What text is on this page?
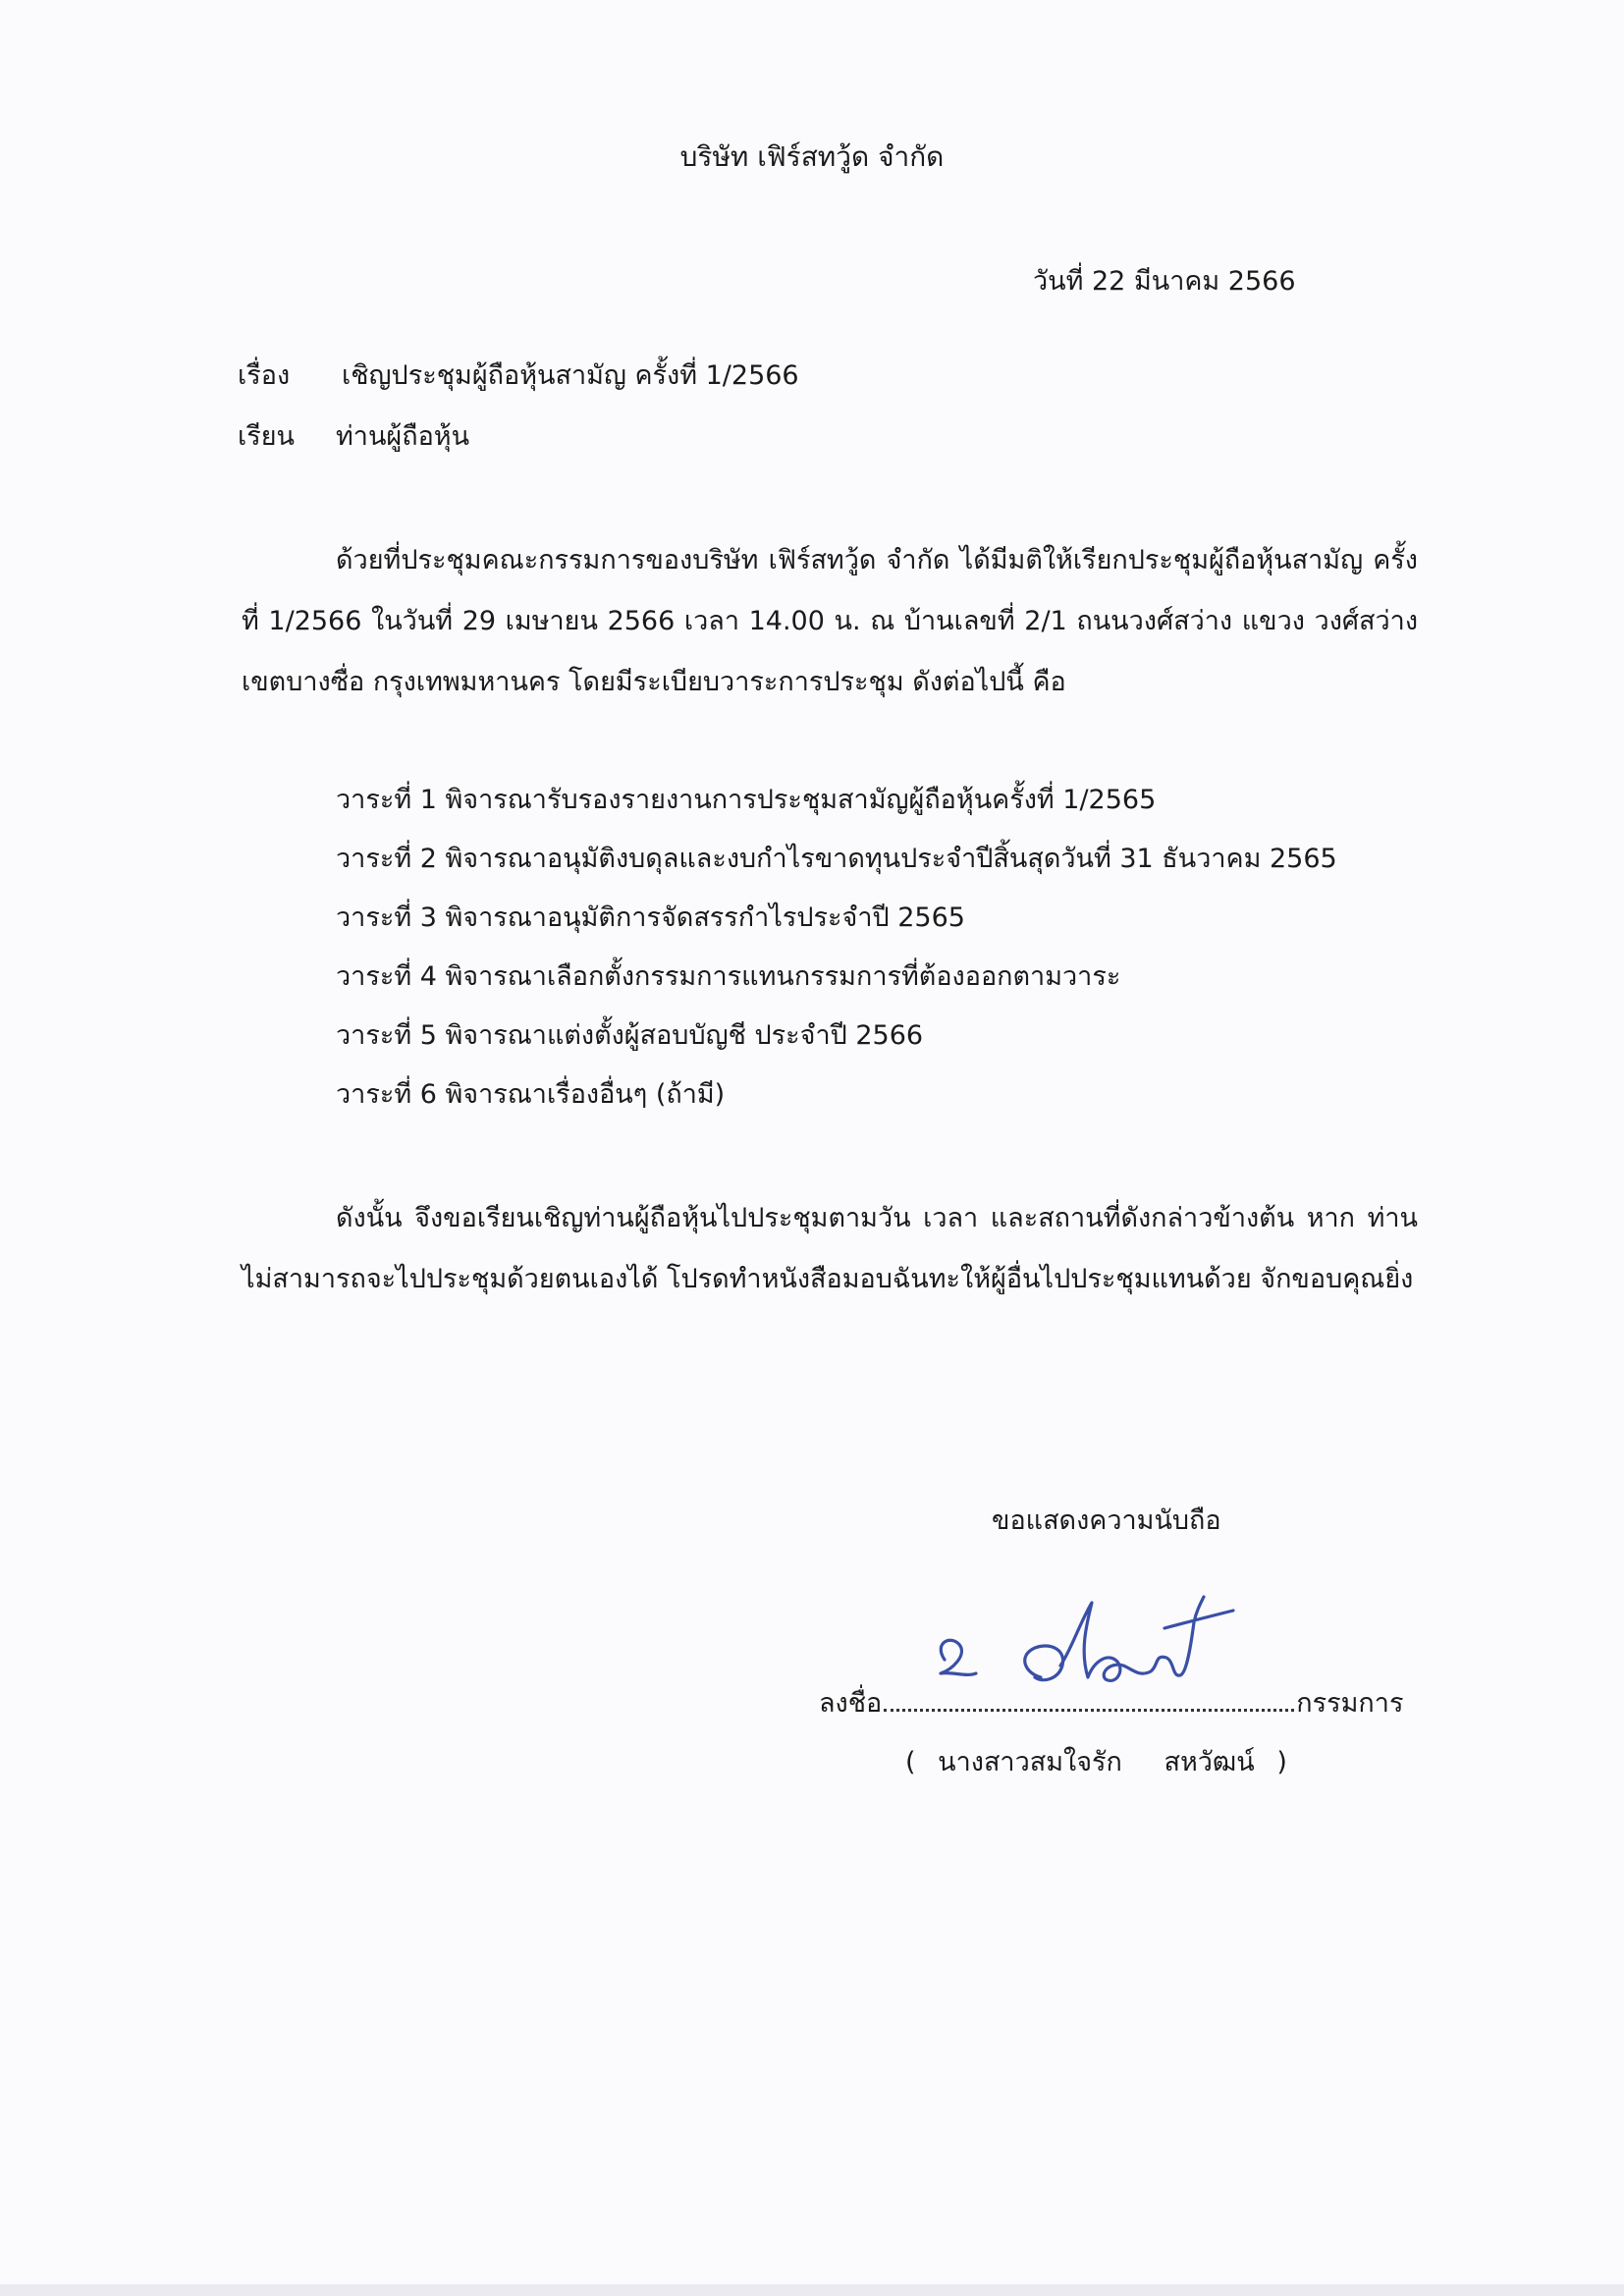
บริษัท เฟิร์สทวู้ด จำกัด
วันที่ 22 มีนาคม 2566
เรื่อง เชิญประชุมผู้ถือหุ้นสามัญ ครั้งที่ 1/2566
เรียน ท่านผู้ถือหุ้น
ด้วยที่ประชุมคณะกรรมการของบริษัท เฟิร์สทวู้ด จำกัด ได้มีมติให้เรียกประชุมผู้ถือหุ้นสามัญ ครั้งที่ 1/2566 ในวันที่ 29 เมษายน 2566 เวลา 14.00 น. ณ บ้านเลขที่ 2/1 ถนนวงศ์สว่าง แขวง วงศ์สว่าง เขตบางซื่อ กรุงเทพมหานคร โดยมีระเบียบวาระการประชุม ดังต่อไปนี้ คือ
วาระที่ 1 พิจารณารับรองรายงานการประชุมสามัญผู้ถือหุ้นครั้งที่ 1/2565
วาระที่ 2 พิจารณาอนุมัติงบดุลและงบกำไรขาดทุนประจำปีสิ้นสุดวันที่ 31 ธันวาคม 2565
วาระที่ 3 พิจารณาอนุมัติการจัดสรรกำไรประจำปี 2565
วาระที่ 4 พิจารณาเลือกตั้งกรรมการแทนกรรมการที่ต้องออกตามวาระ
วาระที่ 5 พิจารณาแต่งตั้งผู้สอบบัญชี ประจำปี 2566
วาระที่ 6 พิจารณาเรื่องอื่นๆ (ถ้ามี)
ดังนั้น จึงขอเรียนเชิญท่านผู้ถือหุ้นไปประชุมตามวัน เวลา และสถานที่ดังกล่าวข้างต้น หาก ท่านไม่สามารถจะไปประชุมด้วยตนเองได้ โปรดทำหนังสือมอบฉันทะให้ผู้อื่นไปประชุมแทนด้วย จักขอบคุณยิ่ง
ขอแสดงความนับถือ
ลงชื่อ	กรรมการ
( นางสาวสมใจรัก สหวัฒน์ )
